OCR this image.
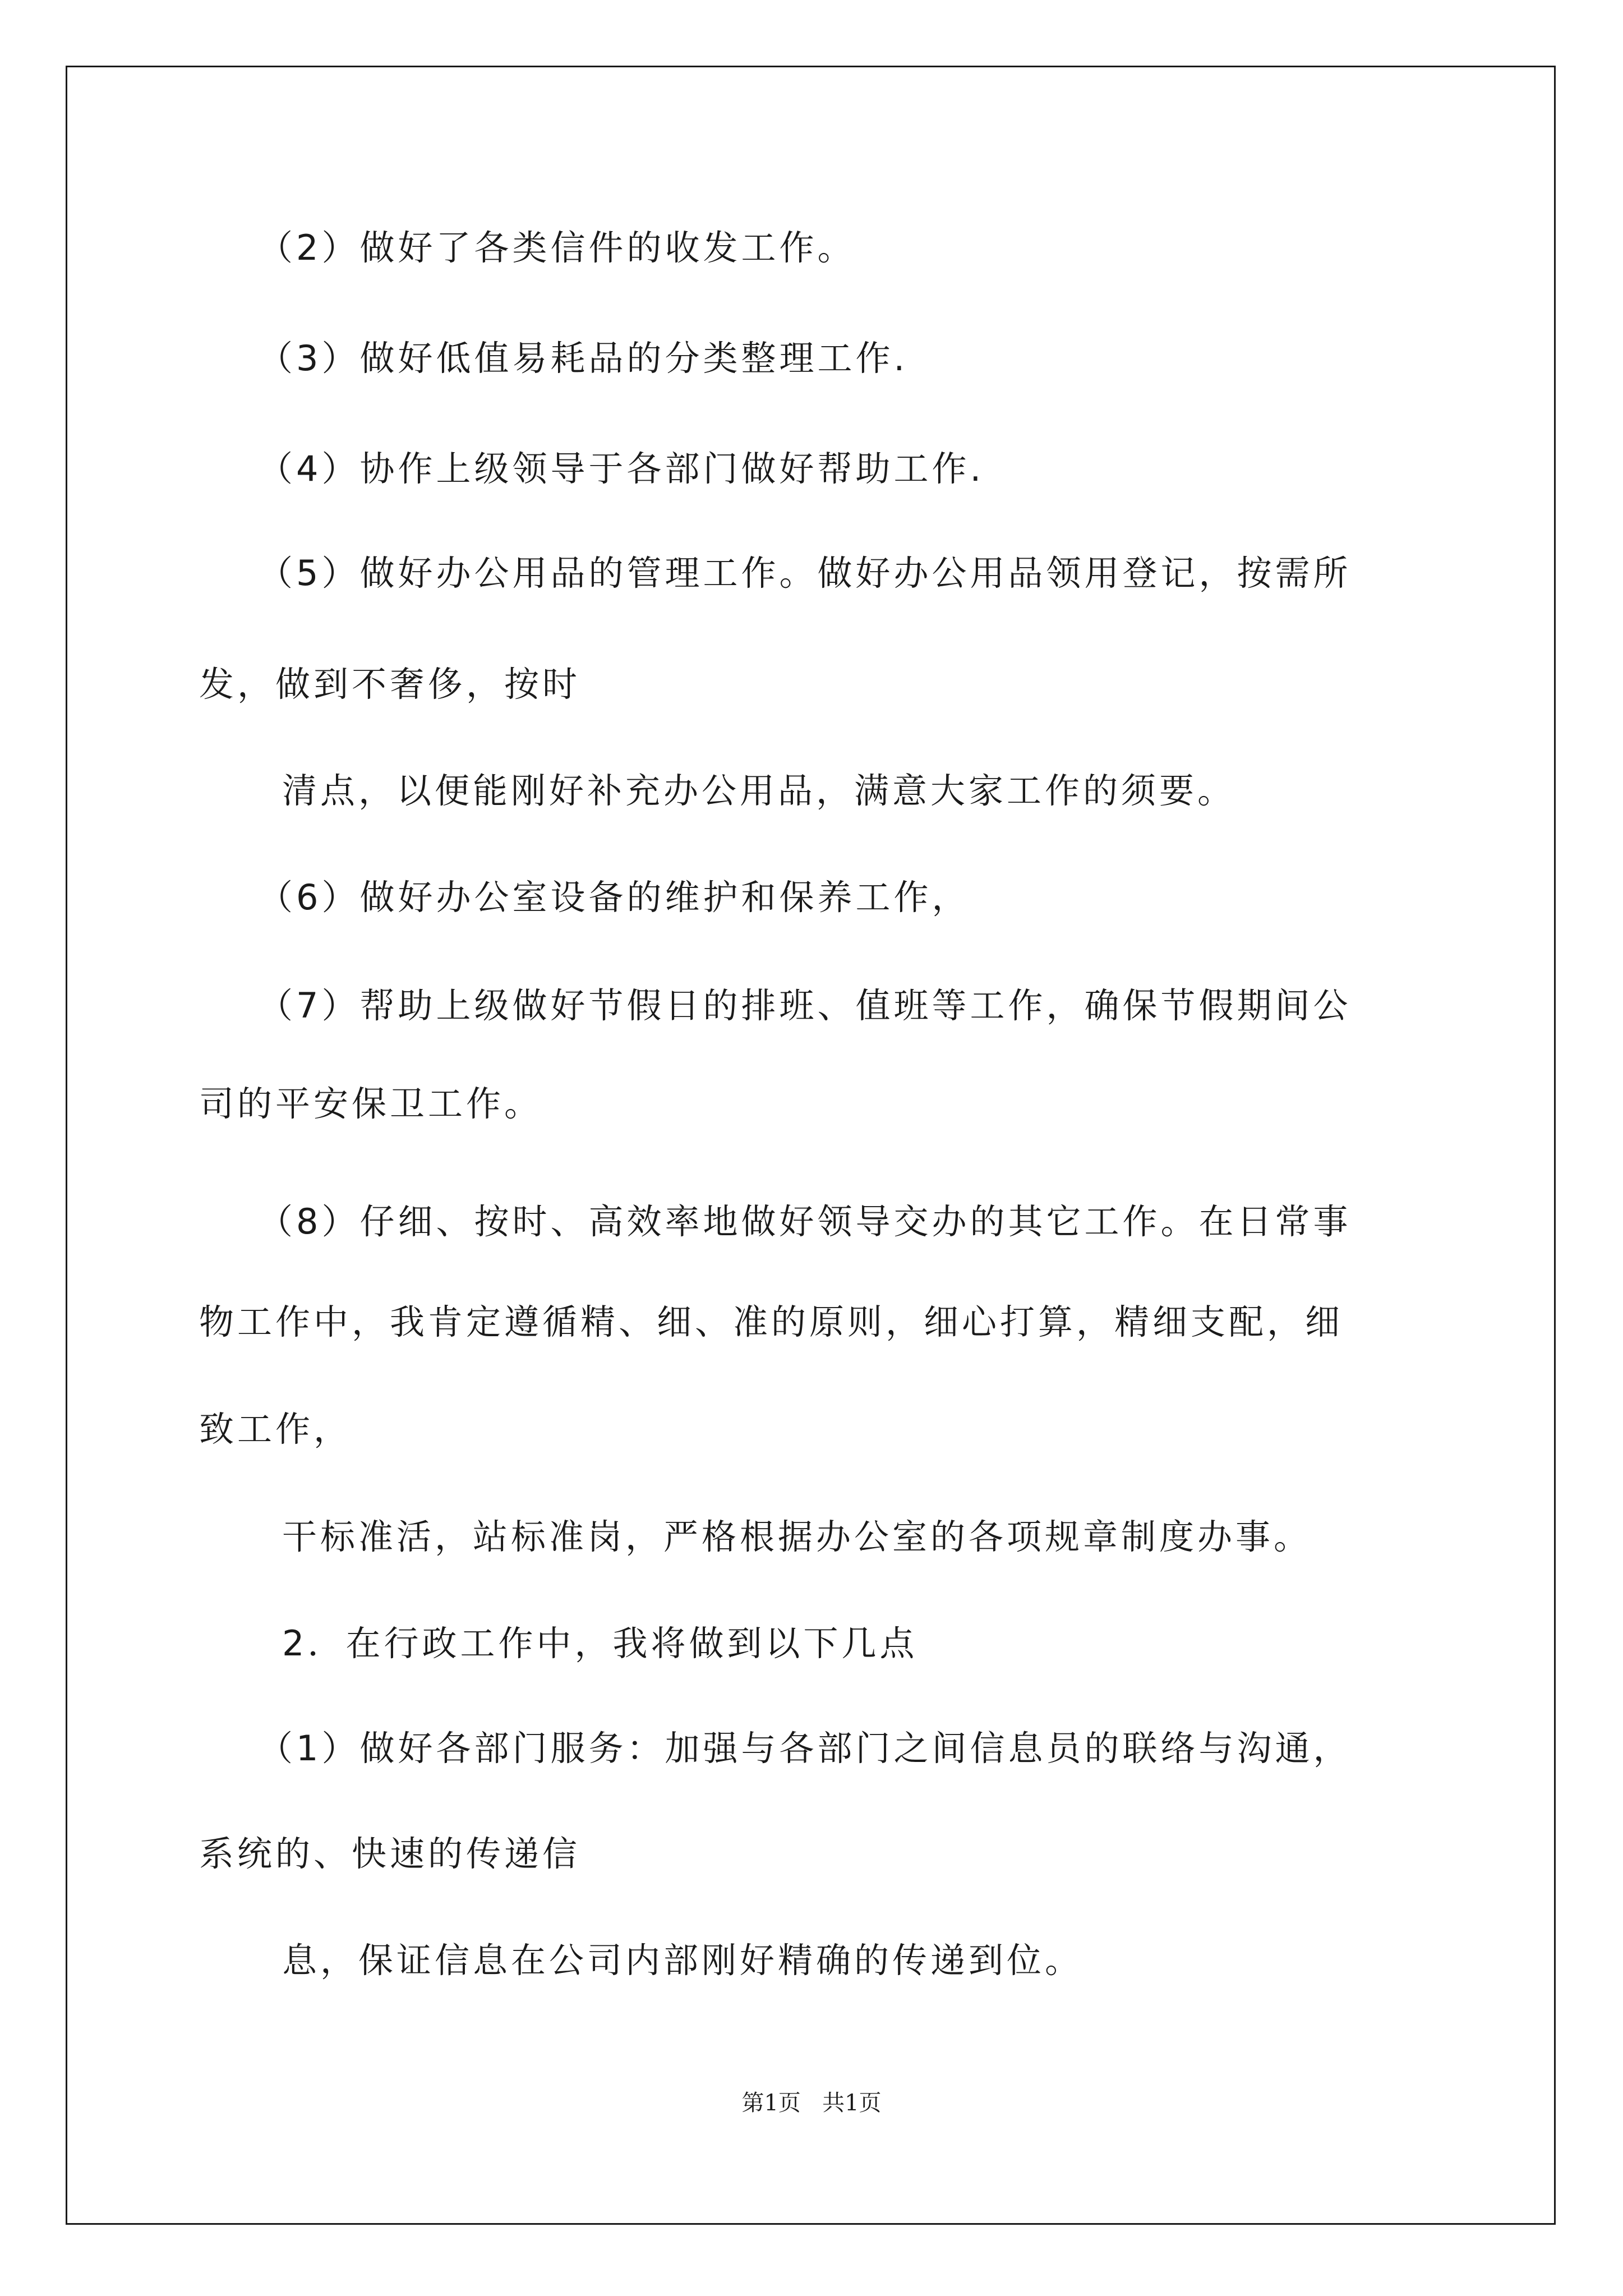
（2）做好了各类信件的收发工作。

（3）做好低值易耗品的分类整理工作.

（4）协作上级领导于各部门做好帮助工作.

（5）做好办公用品的管理工作。做好办公用品领用登记，按需所

发，做到不奢侈，按时

清点，以便能刚好补充办公用品，满意大家工作的须要。

（6）做好办公室设备的维护和保养工作，

（7）帮助上级做好节假日的排班、值班等工作，确保节假期间公

司的平安保卫工作。

（8）仔细、按时、高效率地做好领导交办的其它工作。在日常事

物工作中，我肯定遵循精、细、准的原则，细心打算，精细支配，细

致工作，

干标准活，站标准岗，严格根据办公室的各项规章制度办事。

2．在行政工作中，我将做到以下几点

（1）做好各部门服务：加强与各部门之间信息员的联络与沟通，

系统的、快速的传递信

息，保证信息在公司内部刚好精确的传递到位。

第1页 共1页
